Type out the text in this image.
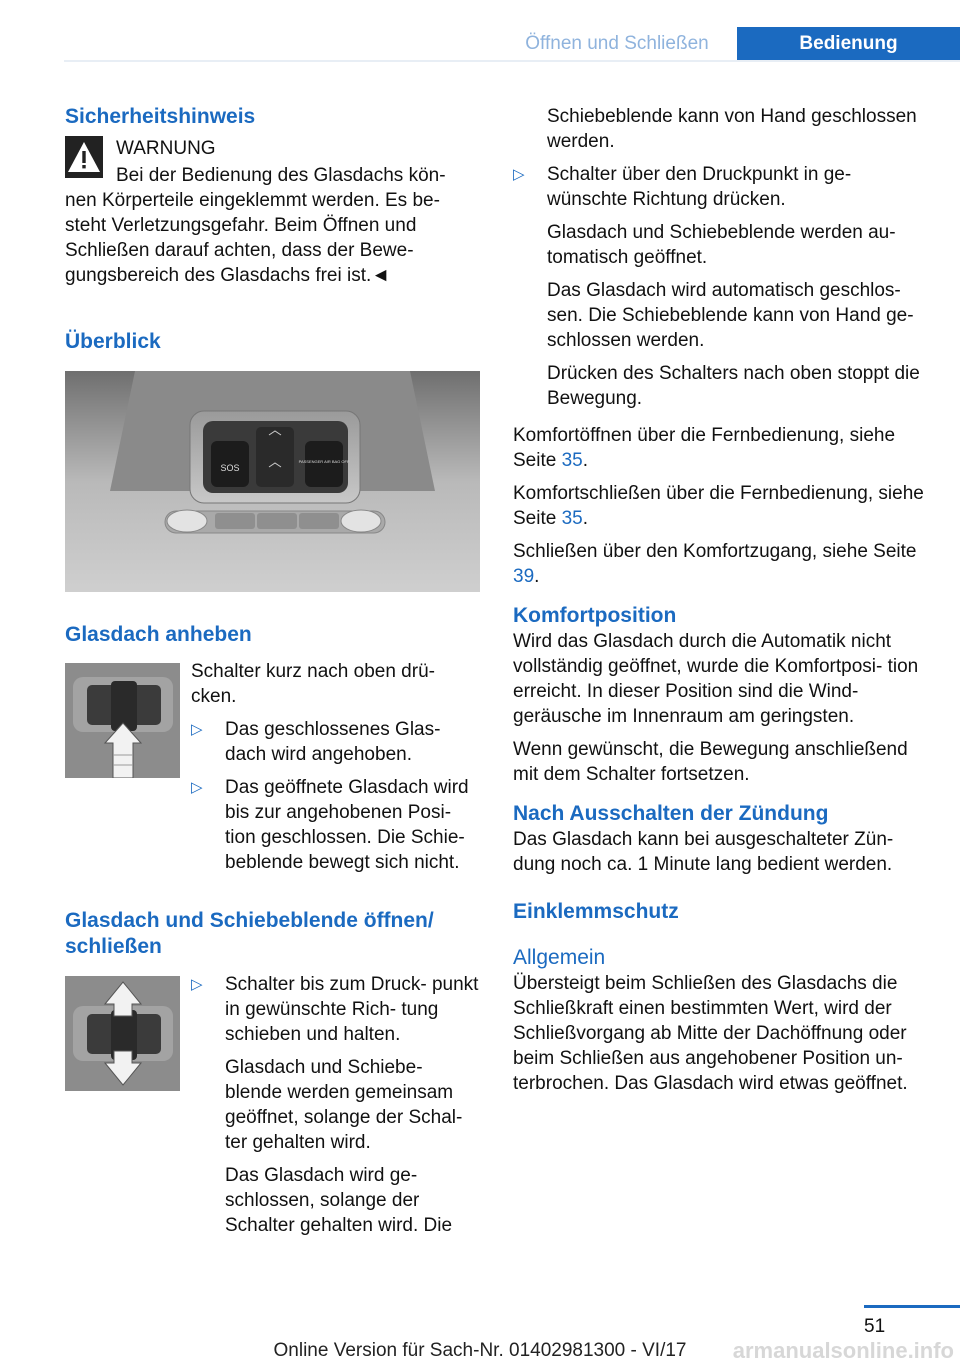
Öffnen und Schließen	Bedienung
Sicherheitshinweis
WARNUNG
Bei der Bedienung des Glasdachs kön-

nen Körperteile eingeklemmt werden. Es be- steht Verletzungsgefahr. Beim Öffnen und Schließen darauf achten, dass der Bewe- gungsbereich des Glasdachs frei ist.◄

Überblick
SOS
PASSENGER AIR BAG OFF
Glasdach anheben

Schalter kurz nach oben drü- cken.

▷ Das geschlossenes Glas- dach wird angehoben.
▷ Das geöffnete Glasdach wird bis zur angehobenen Posi- tion geschlossen. Die Schie- beblende bewegt sich nicht.
Glasdach und Schiebeblende öffnen/ schließen
▷ Schalter bis zum Druck- punkt in gewünschte Rich- tung schieben und halten.

Glasdach und Schiebe- blende werden gemeinsam geöffnet, solange der Schal- ter gehalten wird.

Das Glasdach wird ge- schlossen, solange der Schalter gehalten wird. Die

Schiebeblende kann von Hand geschlossen werden.

▷ Schalter über den Druckpunkt in ge- wünschte Richtung drücken.

Glasdach und Schiebeblende werden au- tomatisch geöffnet.

Das Glasdach wird automatisch geschlos- sen. Die Schiebeblende kann von Hand ge- schlossen werden.

Drücken des Schalters nach oben stoppt die Bewegung.

Komfortöffnen über die Fernbedienung, siehe Seite 35.

Komfortschließen über die Fernbedienung, siehe Seite 35.

Schließen über den Komfortzugang, siehe Seite 39.

Komfortposition

Wird das Glasdach durch die Automatik nicht vollständig geöffnet, wurde die Komfortposi- tion erreicht. In dieser Position sind die Wind- geräusche im Innenraum am geringsten.

Wenn gewünscht, die Bewegung anschließend mit dem Schalter fortsetzen.

Nach Ausschalten der Zündung

Das Glasdach kann bei ausgeschalteter Zün- dung noch ca. 1 Minute lang bedient werden.

Einklemmschutz
Allgemein

Übersteigt beim Schließen des Glasdachs die Schließkraft einen bestimmten Wert, wird der Schließvorgang ab Mitte der Dachöffnung oder beim Schließen aus angehobener Position un- terbrochen. Das Glasdach wird etwas geöffnet.

51
Online Version für Sach-Nr. 01402981300 - VI/17	armanualsonline.info
